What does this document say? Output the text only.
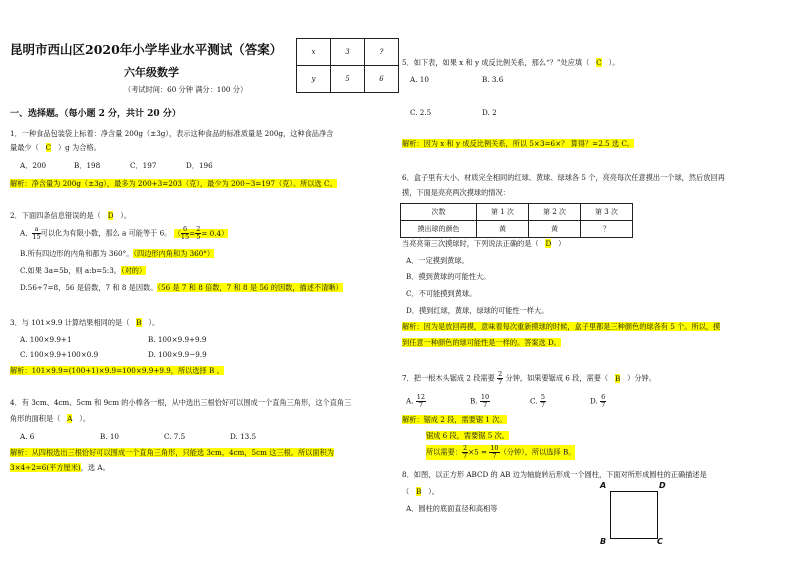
昆明市西山区2020年小学毕业水平测试（答案）
六年级数学
（考试时间：60 分钟 满分：100 分）
x	3	?
y	5	6
一、选择题。（每小题 2 分，共计 20 分）
1．一种食品包装袋上标着：净含量 200g（±3g），表示这种食品的标准质量是 200g，这种食品净含
量最少（ C ）g 为合格。
A．200	B．198	C．197	D．196
解析：净含量为 200g（±3g），最多为 200+3=203（克），最少为 200−3=197（克）。所以选 C。
2．下面四条信息错误的是（ D ）。
A． $\frac{a}{15}$ 可以化为有限小数，那么 a 可能等于 6。 （ $\frac{6}{15} = \frac{2}{5} = 0.4$）
B.所有四边形的内角和都为 360°。（四边形内角和为 360°）
C.如果 3a=5b，则 a:b=5:3。（对的）
D.56÷7=8，56 是倍数，7 和 8 是因数。（56 是 7 和 8 倍数，7 和 8 是 56 的因数，描述不清晰）
3．与 101×9.9 计算结果相同的是（ B ）。
A. 100×9.9+1	B. 100×9.9+9.9
C. 100×9.9+100×0.9	D. 100×9.9−9.9
解析：101×9.9=(100+1)×9.9=100×9.9+9.9，所以选择 B 。
4．有 3cm、4cm、5cm 和 9cm 的小棒各一根，从中选出三根恰好可以围成一个直角三角形，这个直角三
角形的面积是（ A ）。
A. 6	B. 10	C. 7.5	D. 13.5
解析：从四根选出三根恰好可以围成一个直角三角形，只能选 3cm，4cm，5cm 这三根。所以面积为
3×4÷2=6(平方厘米)，选 A。
5．如下表，如果 x 和 y 成反比例关系，那么“？”处应填（ C ）。
A. 10	B. 3.6
C. 2.5	D. 2
解析：因为 x 和 y 成反比例关系，所以 5×3=6×？ 算得？=2.5 选 C。
6．盒子里有大小、材质完全相同的红球、黄球、绿球各 5 个，亮亮每次任意摸出一个球，然后放回再
摸，下面是亮亮两次摸球的情况：
次数	第 1 次	第 2 次	第 3 次
摸出球的颜色	黄	黄	？
当亮亮第三次摸球时，下列说法正确的是（ D ）
A．一定摸到黄球。
B．摸到黄球的可能性大。
C．不可能摸到黄球。
D．摸到红球，黄球，绿球的可能性一样大。
解析：因为是放回再摸，意味着每次重新摸球的时候，盒子里都是三种颜色的球各有 5 个。所以，摸
到任意一种颜色的球可能性是一样的。答案选 D。
7．把一根木头锯成 2 段需要 $\frac{2}{7}$ 分钟，如果要锯成 6 段，需要（ B ）分钟。
A. $\frac{12}{7}$	B. $\frac{10}{7}$	C. $\frac{5}{7}$	D. $\frac{6}{7}$
解析：锯成 2 段，需要锯 1 次。
锯成 6 段，需要锯 5 次。
所以需要： $\frac{2}{7} \times 5 = \frac{10}{7}$ （分钟），所以选择 B。
8．如图，以正方形 ABCD 的 AB 边为轴旋转后形成一个圆柱，下面对所形成圆柱的正确描述是
（ B ）。
A．圆柱的底面直径和高相等
A	D
B	C
